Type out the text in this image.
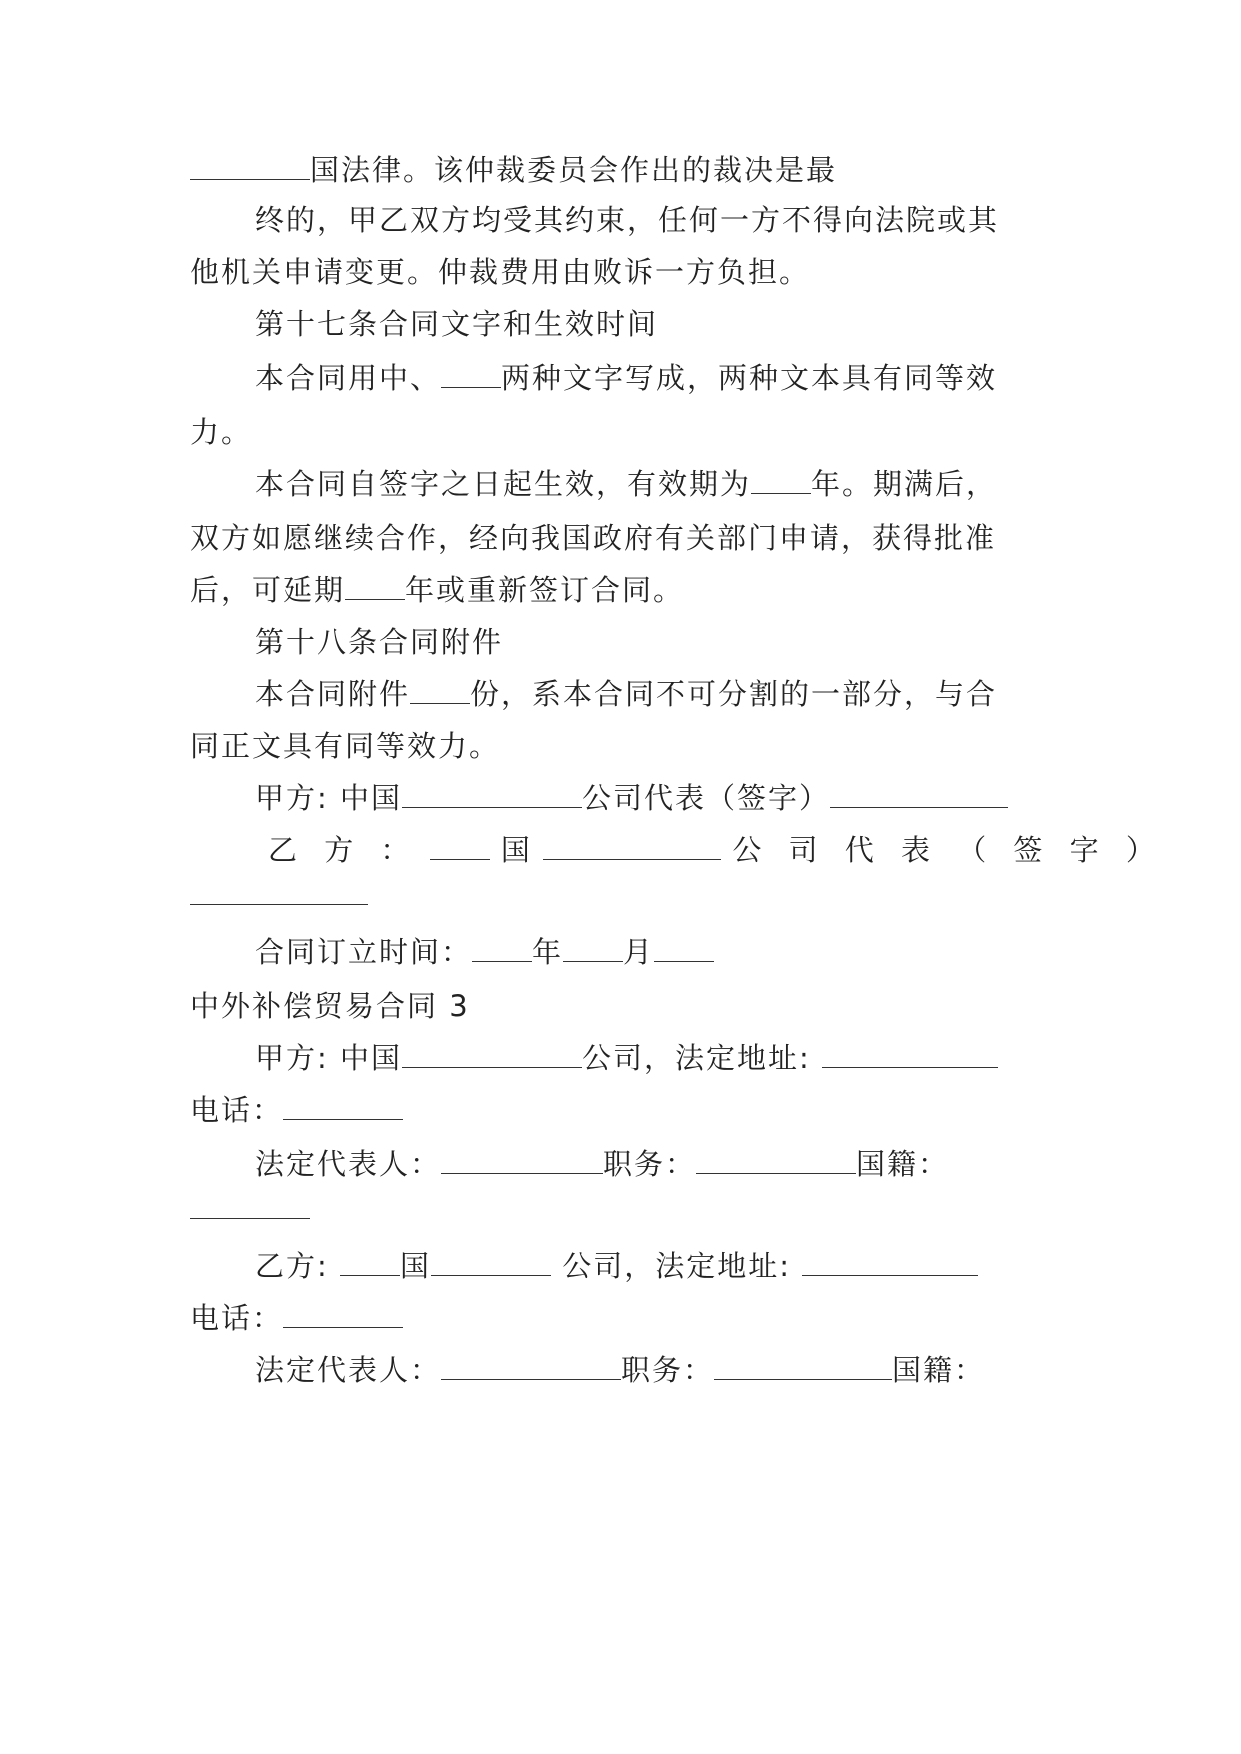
国法律。该仲裁委员会作出的裁决是最
终的，甲乙双方均受其约束，任何一方不得向法院或其
他机关申请变更。仲裁费用由败诉一方负担。
第十七条合同文字和生效时间
本合同用中、 两种文字写成，两种文本具有同等效
力。
本合同自签字之日起生效，有效期为 年。期满后，
双方如愿继续合作，经向我国政府有关部门申请，获得批准
后，可延期 年或重新签订合同。
第十八条合同附件
本合同附件 份，系本合同不可分割的一部分，与合
同正文具有同等效力。
甲方: 中国	公司代表（签字）
乙 方 ：	国	公 司 代 表 （ 签 字 ）
合同订立时间： 年 月
中外补偿贸易合同 3
甲方: 中国	公司，法定地址:
电话：
法定代表人：	职务：	国籍：
乙方: 国	公司，法定地址:
电话：
法定代表人：	职务：	国籍：
